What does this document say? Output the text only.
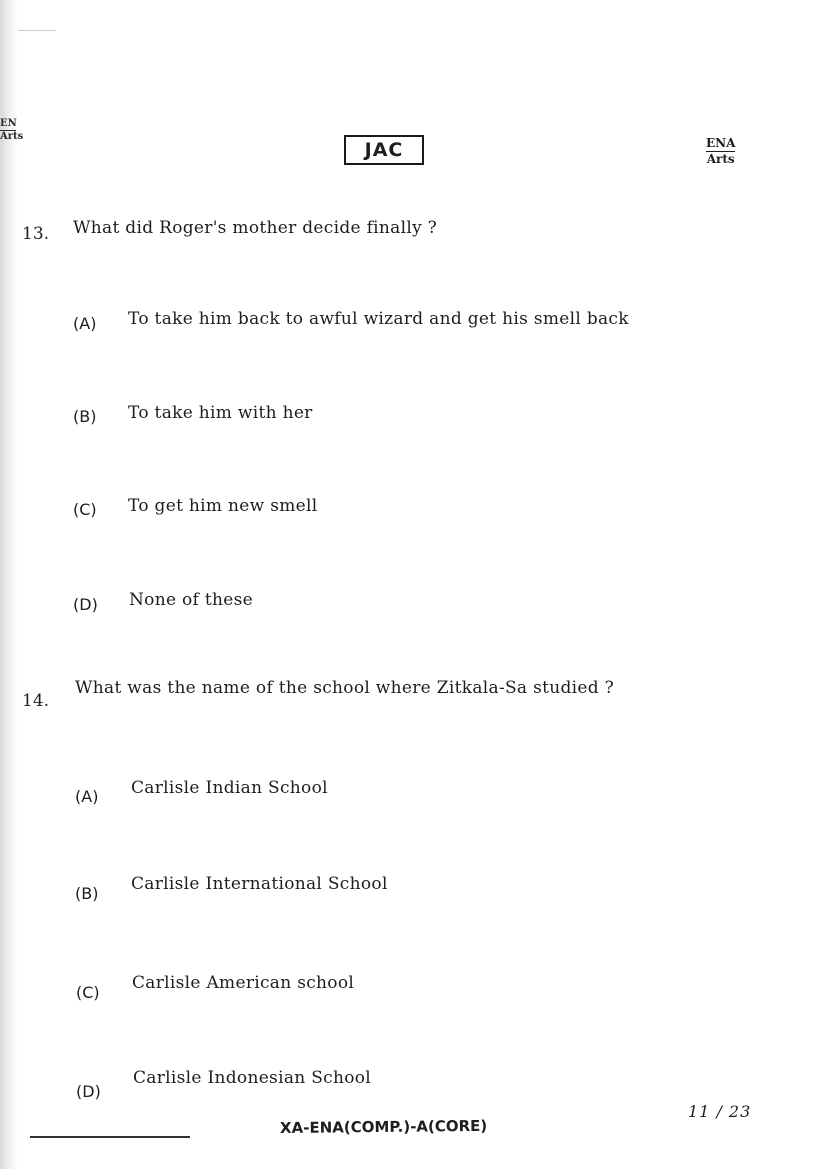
EN
Arts
JAC	ENA
Arts
13. What did Roger's mother decide finally ?
(A) To take him back to awful wizard and get his smell back
(B) To take him with her
(C) To get him new smell
(D) None of these
14.
What was the name of the school where Zitkala-Sa studied ?
(A) Carlisle Indian School
(B) Carlisle International School
(C) Carlisle American school
(D)
Carlisle Indonesian School
11 / 23
XA-ENA(COMP.)-A(CORE)
